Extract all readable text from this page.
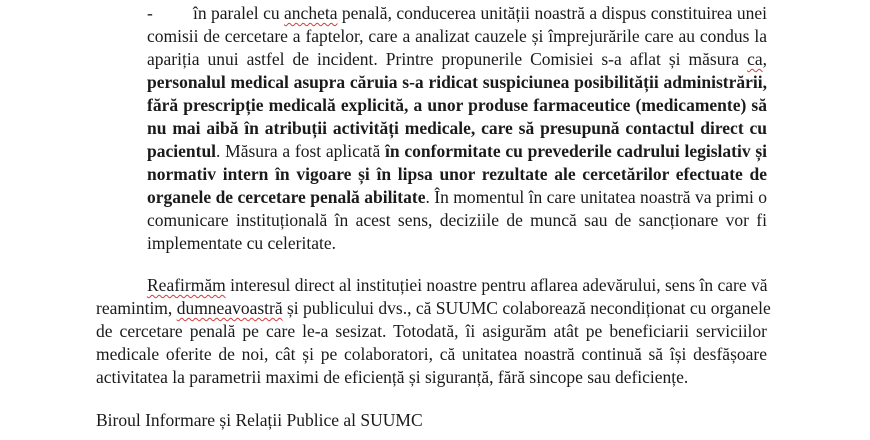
- în paralel cu ancheta penală, conducerea unității noastră a dispus constituirea unei
comisii de cercetare a faptelor, care a analizat cauzele și împrejurările care au condus la
apariția unui astfel de incident. Printre propunerile Comisiei s-a aflat și măsura ca,
personalul medical asupra căruia s-a ridicat suspiciunea posibilității administrării,
fără prescripție medicală explicită, a unor produse farmaceutice (medicamente) să
nu mai aibă în atribuții activități medicale, care să presupună contactul direct cu
pacientul. Măsura a fost aplicată în conformitate cu prevederile cadrului legislativ și
normativ intern în vigoare și în lipsa unor rezultate ale cercetărilor efectuate de
organele de cercetare penală abilitate. În momentul în care unitatea noastră va primi o
comunicare instituțională în acest sens, deciziile de muncă sau de sancționare vor fi
implementate cu celeritate.
Reafirmăm interesul direct al instituției noastre pentru aflarea adevărului, sens în care vă
reamintim, dumneavoastră și publicului dvs., că SUUMC colaborează necondiționat cu organele
de cercetare penală pe care le-a sesizat. Totodată, îi asigurăm atât pe beneficiarii serviciilor
medicale oferite de noi, cât și pe colaboratori, că unitatea noastră continuă să își desfășoare
activitatea la parametrii maximi de eficiență și siguranță, fără sincope sau deficiențe.
Biroul Informare și Relații Publice al SUUMC
